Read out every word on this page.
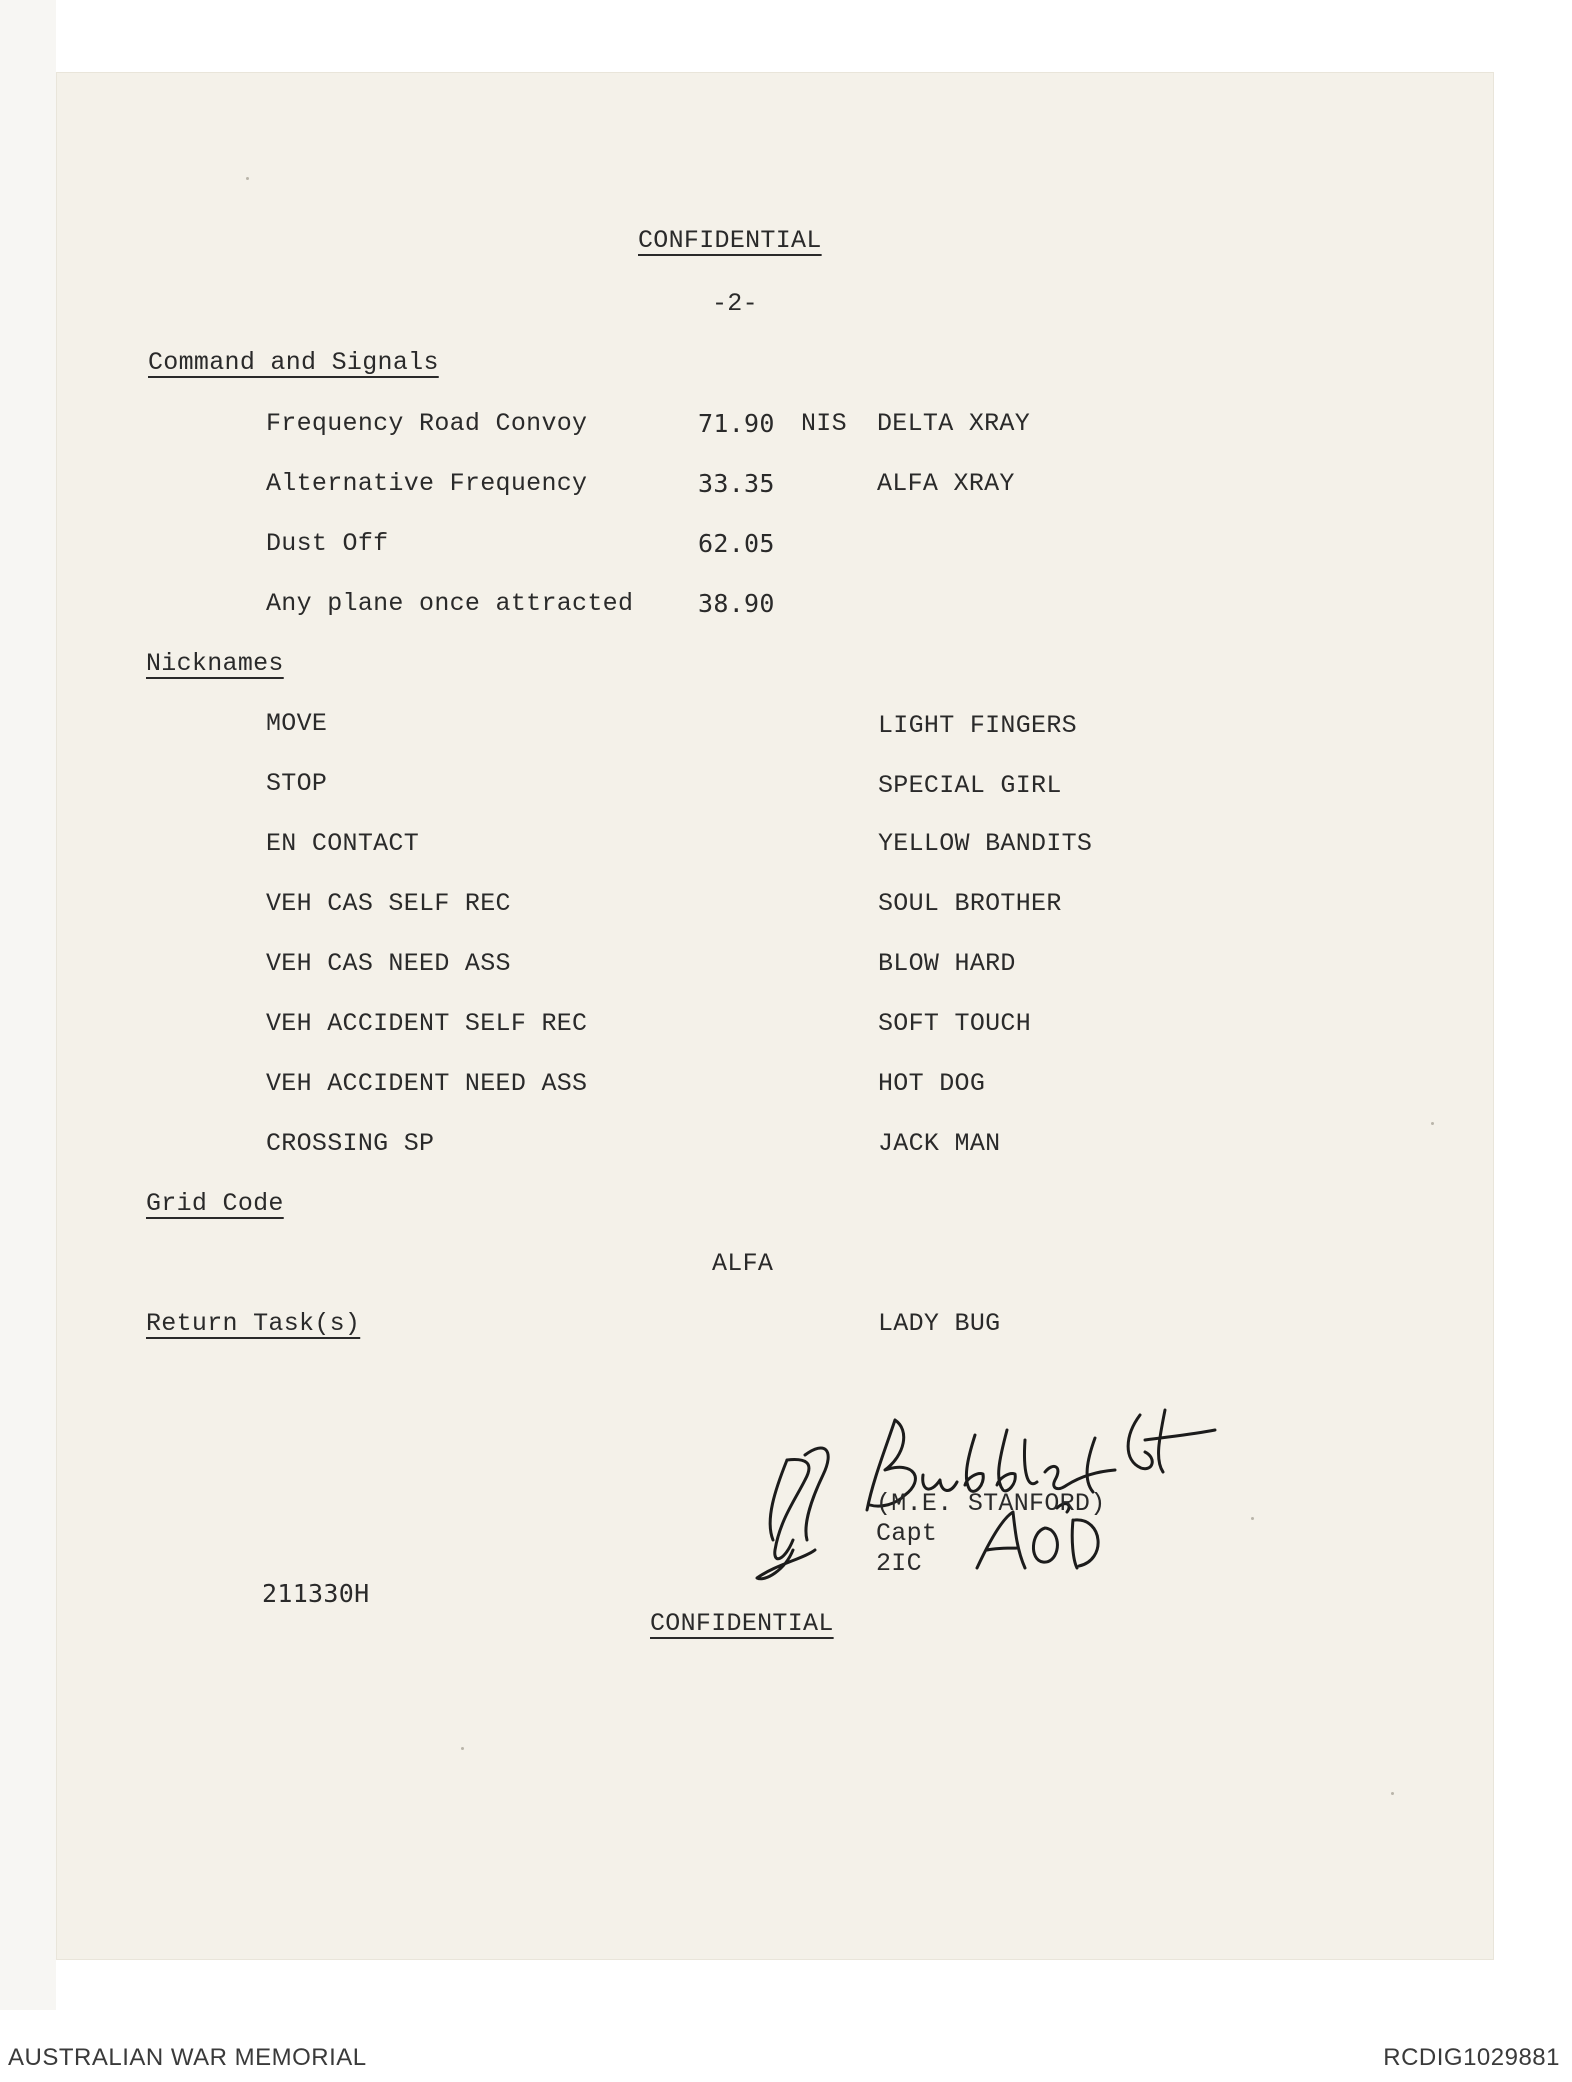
CONFIDENTIAL
-2-
Command and Signals
Frequency Road Convoy	71.90 NIS DELTA XRAY
Alternative Frequency	33.35	ALFA XRAY
Dust Off	62.05
Any plane once attracted	38.90
Nicknames
MOVE	LIGHT FINGERS
STOP	SPECIAL GIRL
EN CONTACT	YELLOW BANDITS
VEH CAS SELF REC	SOUL BROTHER
VEH CAS NEED ASS	BLOW HARD
VEH ACCIDENT SELF REC	SOFT TOUCH
VEH ACCIDENT NEED ASS	HOT DOG
CROSSING SP	JACK MAN
Grid Code
ALFA
Return Task(s)	LADY BUG
(M.E. STANFORD)
Capt
2IC
211330H
CONFIDENTIAL
AUSTRALIAN WAR MEMORIAL	RCDIG1029881
